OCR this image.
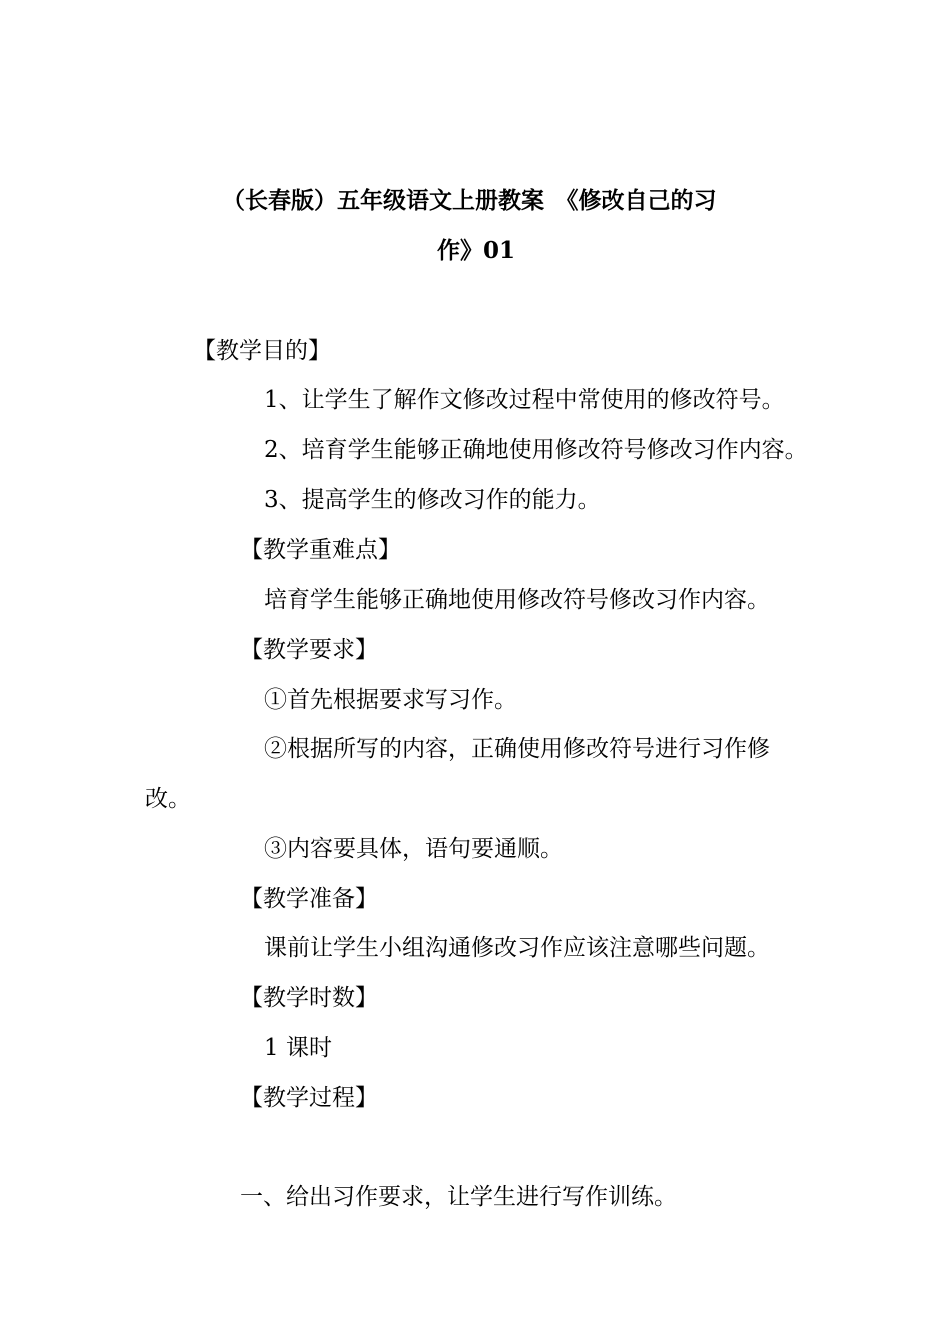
（长春版）五年级语文上册教案　《修改自己的习
作》01
【教学目的】
1、让学生了解作文修改过程中常使用的修改符号。
2、培育学生能够正确地使用修改符号修改习作内容。
3、提高学生的修改习作的能力。
【教学重难点】
培育学生能够正确地使用修改符号修改习作内容。
【教学要求】
①首先根据要求写习作。
②根据所写的内容，正确使用修改符号进行习作修
改。
③内容要具体，语句要通顺。
【教学准备】
课前让学生小组沟通修改习作应该注意哪些问题。
【教学时数】
1 课时
【教学过程】
一、给出习作要求，让学生进行写作训练。
